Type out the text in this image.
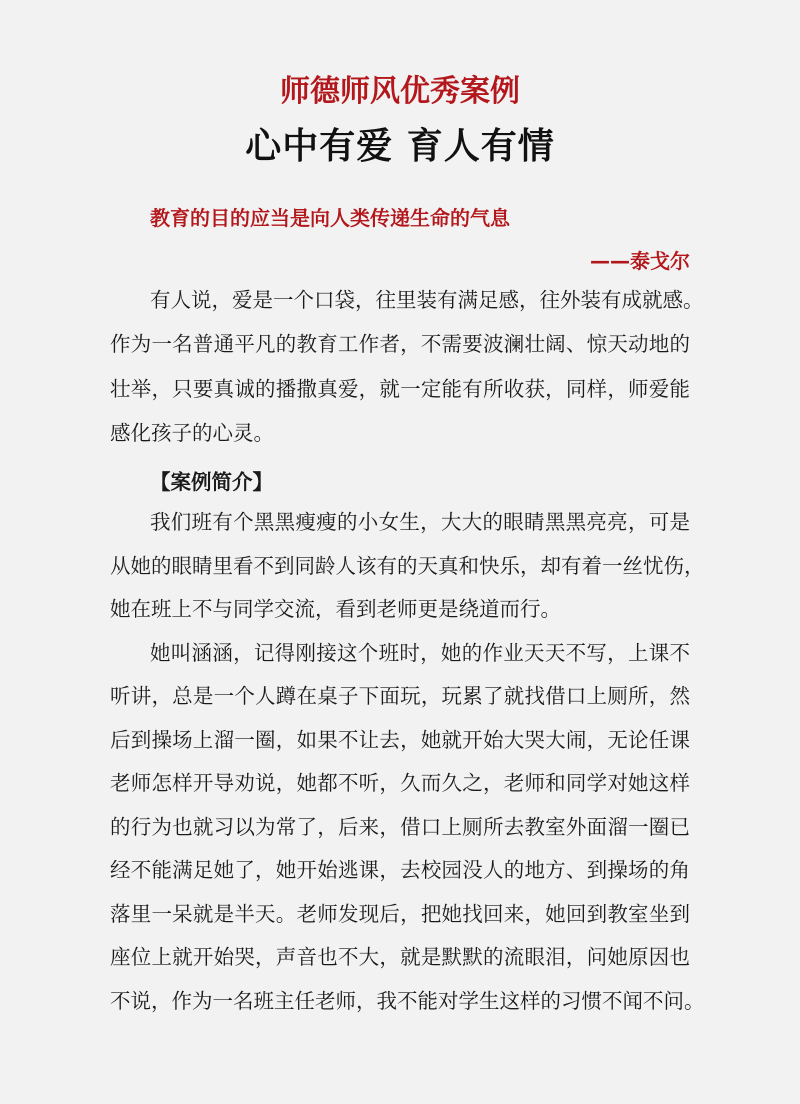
师德师风优秀案例
心中有爱 育人有情
教育的目的应当是向人类传递生命的气息
——泰戈尔
有人说，爱是一个口袋，往里装有满足感，往外装有成就感。
作为一名普通平凡的教育工作者，不需要波澜壮阔、惊天动地的
壮举，只要真诚的播撒真爱，就一定能有所收获，同样，师爱能
感化孩子的心灵。
【案例简介】
我们班有个黑黑瘦瘦的小女生，大大的眼睛黑黑亮亮，可是
从她的眼睛里看不到同龄人该有的天真和快乐，却有着一丝忧伤，
她在班上不与同学交流，看到老师更是绕道而行。
她叫涵涵，记得刚接这个班时，她的作业天天不写，上课不
听讲，总是一个人蹲在桌子下面玩，玩累了就找借口上厕所，然
后到操场上溜一圈，如果不让去，她就开始大哭大闹，无论任课
老师怎样开导劝说，她都不听，久而久之，老师和同学对她这样
的行为也就习以为常了，后来，借口上厕所去教室外面溜一圈已
经不能满足她了，她开始逃课，去校园没人的地方、到操场的角
落里一呆就是半天。老师发现后，把她找回来，她回到教室坐到
座位上就开始哭，声音也不大，就是默默的流眼泪，问她原因也
不说，作为一名班主任老师，我不能对学生这样的习惯不闻不问。
